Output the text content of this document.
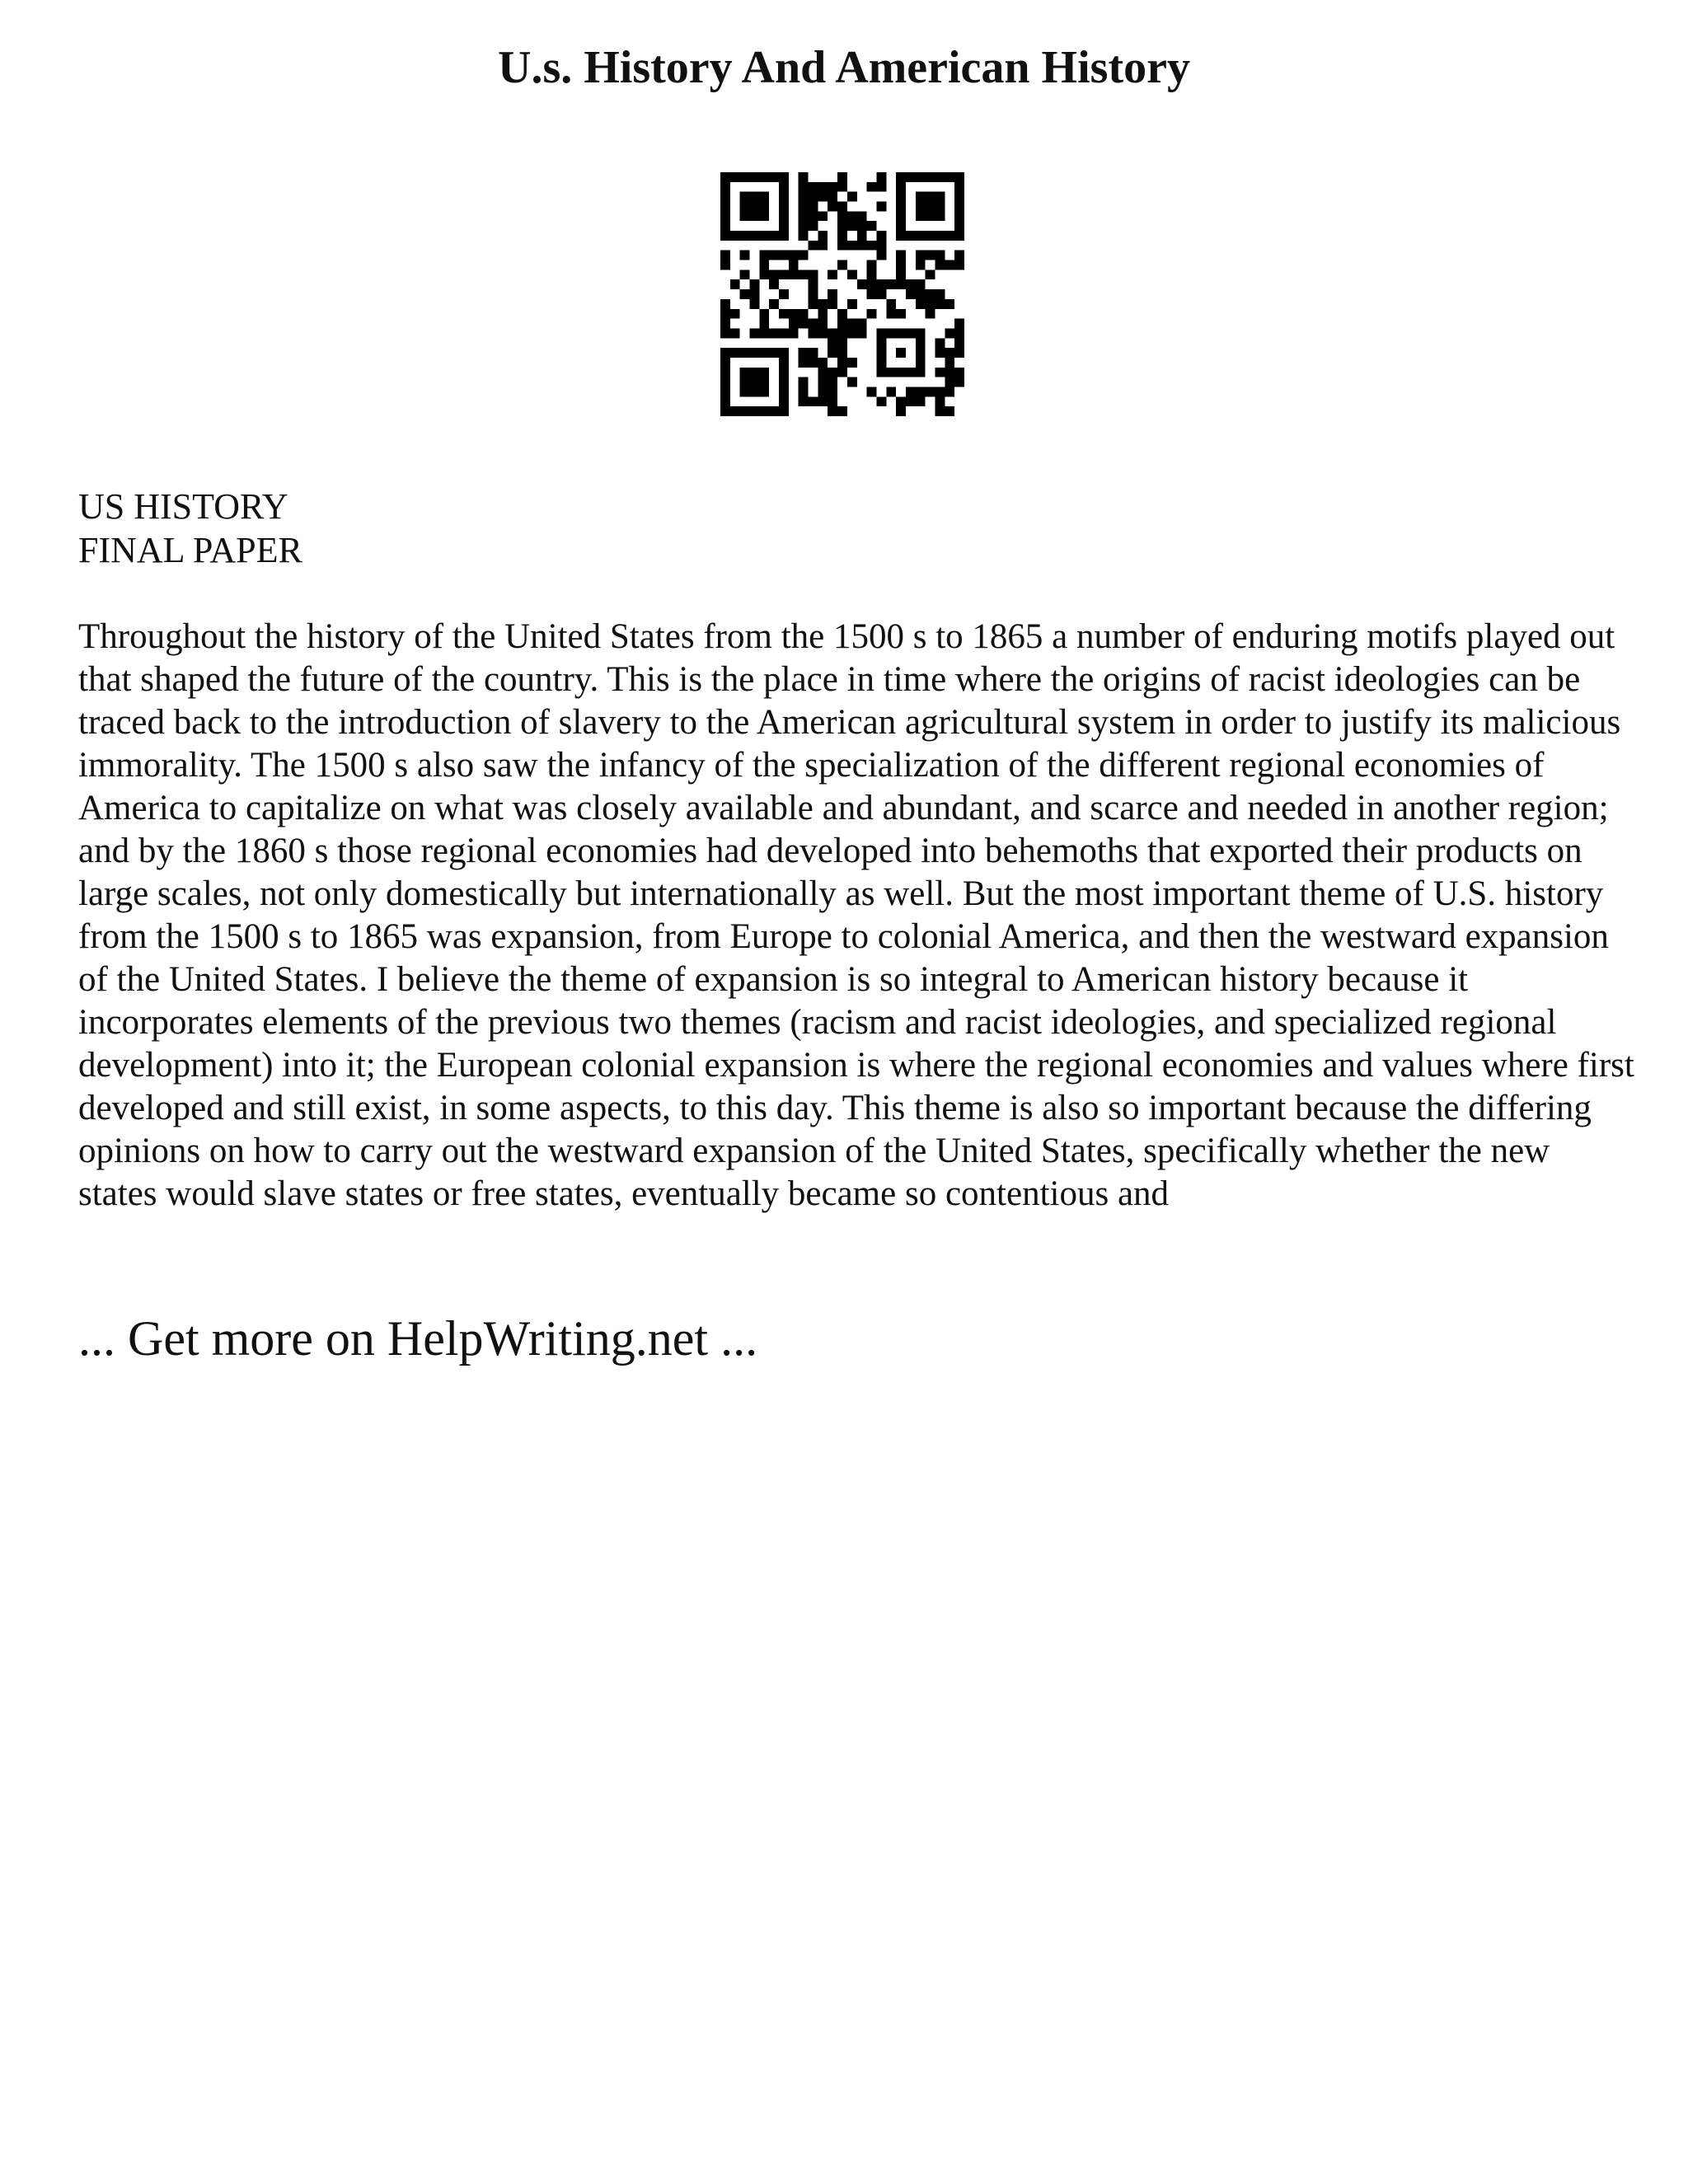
U.s. History And American History
US HISTORY
FINAL PAPER

Throughout the history of the United States from the 1500 s to 1865 a number of enduring motifs played out that shaped the future of the country. This is the place in time where the origins of racist ideologies can be traced back to the introduction of slavery to the American agricultural system in order to justify its malicious immorality. The 1500 s also saw the infancy of the specialization of the different regional economies of America to capitalize on what was closely available and abundant, and scarce and needed in another region; and by the 1860 s those regional economies had developed into behemoths that exported their products on large scales, not only domestically but internationally as well. But the most important theme of U.S. history from the 1500 s to 1865 was expansion, from Europe to colonial America, and then the westward expansion of the United States. I believe the theme of expansion is so integral to American history because it incorporates elements of the previous two themes (racism and racist ideologies, and specialized regional development) into it; the European colonial expansion is where the regional economies and values where first developed and still exist, in some aspects, to this day. This theme is also so important because the differing opinions on how to carry out the westward expansion of the United States, specifically whether the new states would slave states or free states, eventually became so contentious and

... Get more on HelpWriting.net ...
